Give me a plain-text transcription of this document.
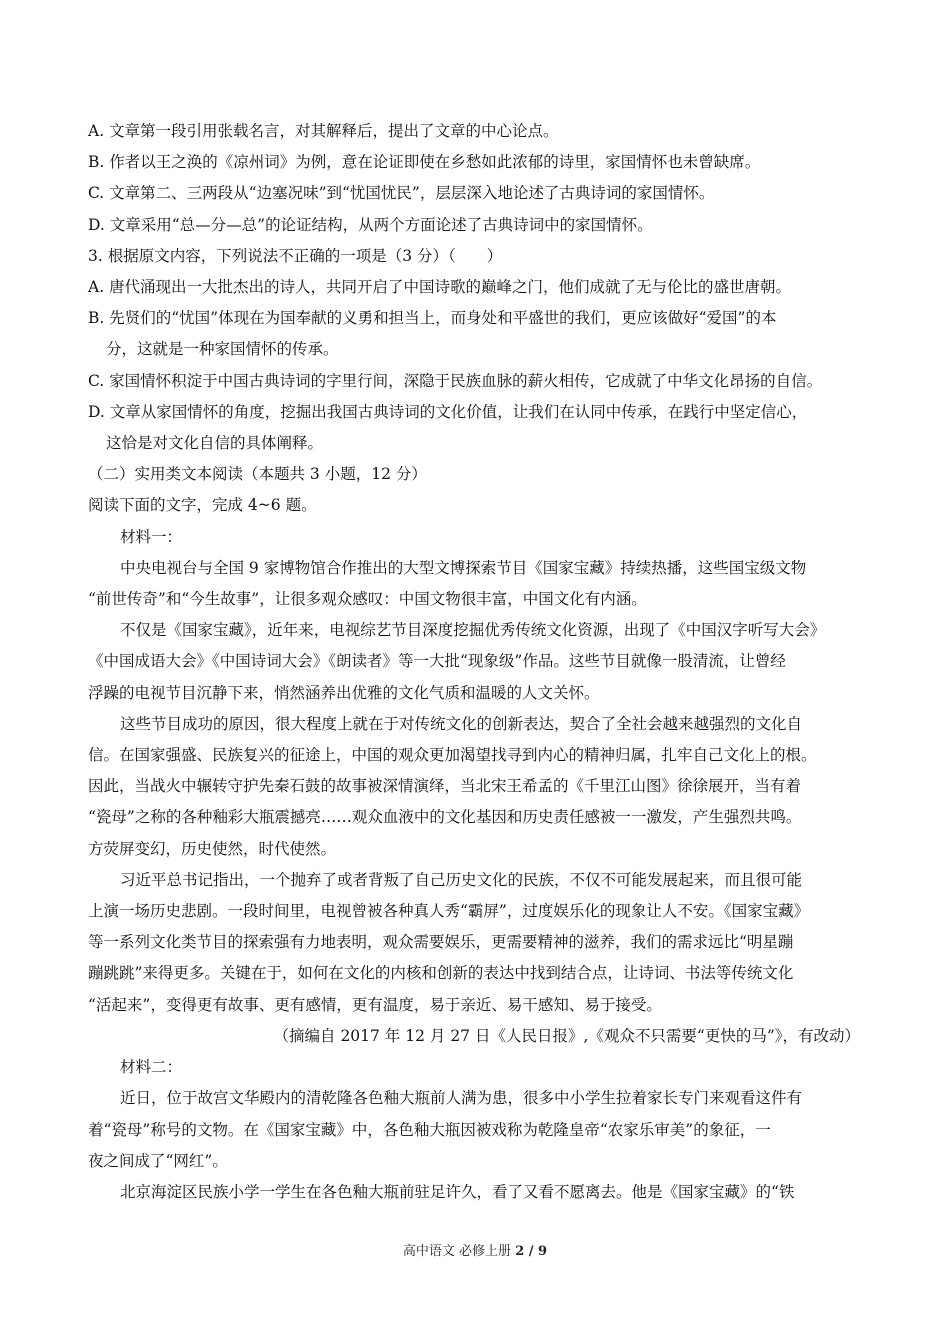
A. 文章第一段引用张载名言，对其解释后，提出了文章的中心论点。
B. 作者以王之涣的《凉州词》为例，意在论证即使在乡愁如此浓郁的诗里，家国情怀也未曾缺席。
C. 文章第二、三两段从“边塞况味”到“忧国忧民”，层层深入地论述了古典诗词的家国情怀。
D. 文章采用“总—分—总”的论证结构，从两个方面论述了古典诗词中的家国情怀。
3. 根据原文内容，下列说法不正确的一项是（3 分）（　　）
A. 唐代涌现出一大批杰出的诗人，共同开启了中国诗歌的巅峰之门，他们成就了无与伦比的盛世唐朝。
B. 先贤们的“忧国”体现在为国奉献的义勇和担当上，而身处和平盛世的我们，更应该做好“爱国”的本
分，这就是一种家国情怀的传承。
C. 家国情怀积淀于中国古典诗词的字里行间，深隐于民族血脉的薪火相传，它成就了中华文化昂扬的自信。
D. 文章从家国情怀的角度，挖掘出我国古典诗词的文化价值，让我们在认同中传承，在践行中坚定信心，
这恰是对文化自信的具体阐释。
（二）实用类文本阅读（本题共 3 小题，12 分）
阅读下面的文字，完成 4~6 题。
材料一：
中央电视台与全国 9 家博物馆合作推出的大型文博探索节目《国家宝藏》持续热播，这些国宝级文物
“前世传奇”和“今生故事”，让很多观众感叹：中国文物很丰富，中国文化有内涵。
不仅是《国家宝藏》，近年来，电视综艺节目深度挖掘优秀传统文化资源，出现了《中国汉字听写大会》
《中国成语大会》《中国诗词大会》《朗读者》等一大批“现象级”作品。这些节目就像一股清流，让曾经
浮躁的电视节目沉静下来，悄然涵养出优雅的文化气质和温暖的人文关怀。
这些节目成功的原因，很大程度上就在于对传统文化的创新表达，契合了全社会越来越强烈的文化自
信。在国家强盛、民族复兴的征途上，中国的观众更加渴望找寻到内心的精神归属，扎牢自己文化上的根。
因此，当战火中辗转守护先秦石鼓的故事被深情演绎，当北宋王希孟的《千里江山图》徐徐展开，当有着
“瓷母”之称的各种釉彩大瓶震撼亮……观众血液中的文化基因和历史责任感被一一激发，产生强烈共鸣。
方荧屏变幻，历史使然，时代使然。
习近平总书记指出，一个抛弃了或者背叛了自己历史文化的民族，不仅不可能发展起来，而且很可能
上演一场历史悲剧。一段时间里，电视曾被各种真人秀“霸屏”，过度娱乐化的现象让人不安。《国家宝藏》
等一系列文化类节目的探索强有力地表明，观众需要娱乐，更需要精神的滋养，我们的需求远比“明星蹦
蹦跳跳”来得更多。关键在于，如何在文化的内核和创新的表达中找到结合点，让诗词、书法等传统文化
“活起来”，变得更有故事、更有感情，更有温度，易于亲近、易干感知、易于接受。
（摘编自 2017 年 12 月 27 日《人民日报》,《观众不只需要“更快的马”》，有改动）
材料二：
近日，位于故宫文华殿内的清乾隆各色釉大瓶前人满为患，很多中小学生拉着家长专门来观看这件有
着“瓷母”称号的文物。在《国家宝藏》中，各色釉大瓶因被戏称为乾隆皇帝“农家乐审美”的象征，一
夜之间成了“网红”。
北京海淀区民族小学一学生在各色釉大瓶前驻足许久，看了又看不愿离去。他是《国家宝藏》的“铁
高中语文 必修上册 2 / 9
